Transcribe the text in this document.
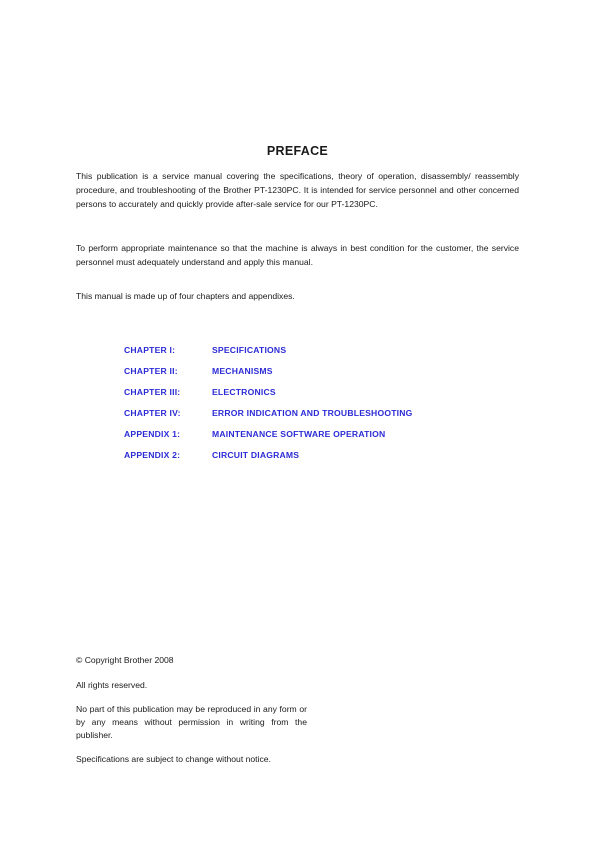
PREFACE

This publication is a service manual covering the specifications, theory of operation, disassembly/ reassembly procedure, and troubleshooting of the Brother PT-1230PC. It is intended for service personnel and other concerned persons to accurately and quickly provide after-sale service for our PT-1230PC.

To perform appropriate maintenance so that the machine is always in best condition for the customer, the service personnel must adequately understand and apply this manual.

This manual is made up of four chapters and appendixes.

CHAPTER I:	SPECIFICATIONS
CHAPTER II:	MECHANISMS
CHAPTER III:	ELECTRONICS
CHAPTER IV:	ERROR INDICATION AND TROUBLESHOOTING
APPENDIX 1:	MAINTENANCE SOFTWARE OPERATION
APPENDIX 2:	CIRCUIT DIAGRAMS

© Copyright Brother 2008

All rights reserved.

No part of this publication may be reproduced in any form or by any means without permission in writing from the publisher.

Specifications are subject to change without notice.
